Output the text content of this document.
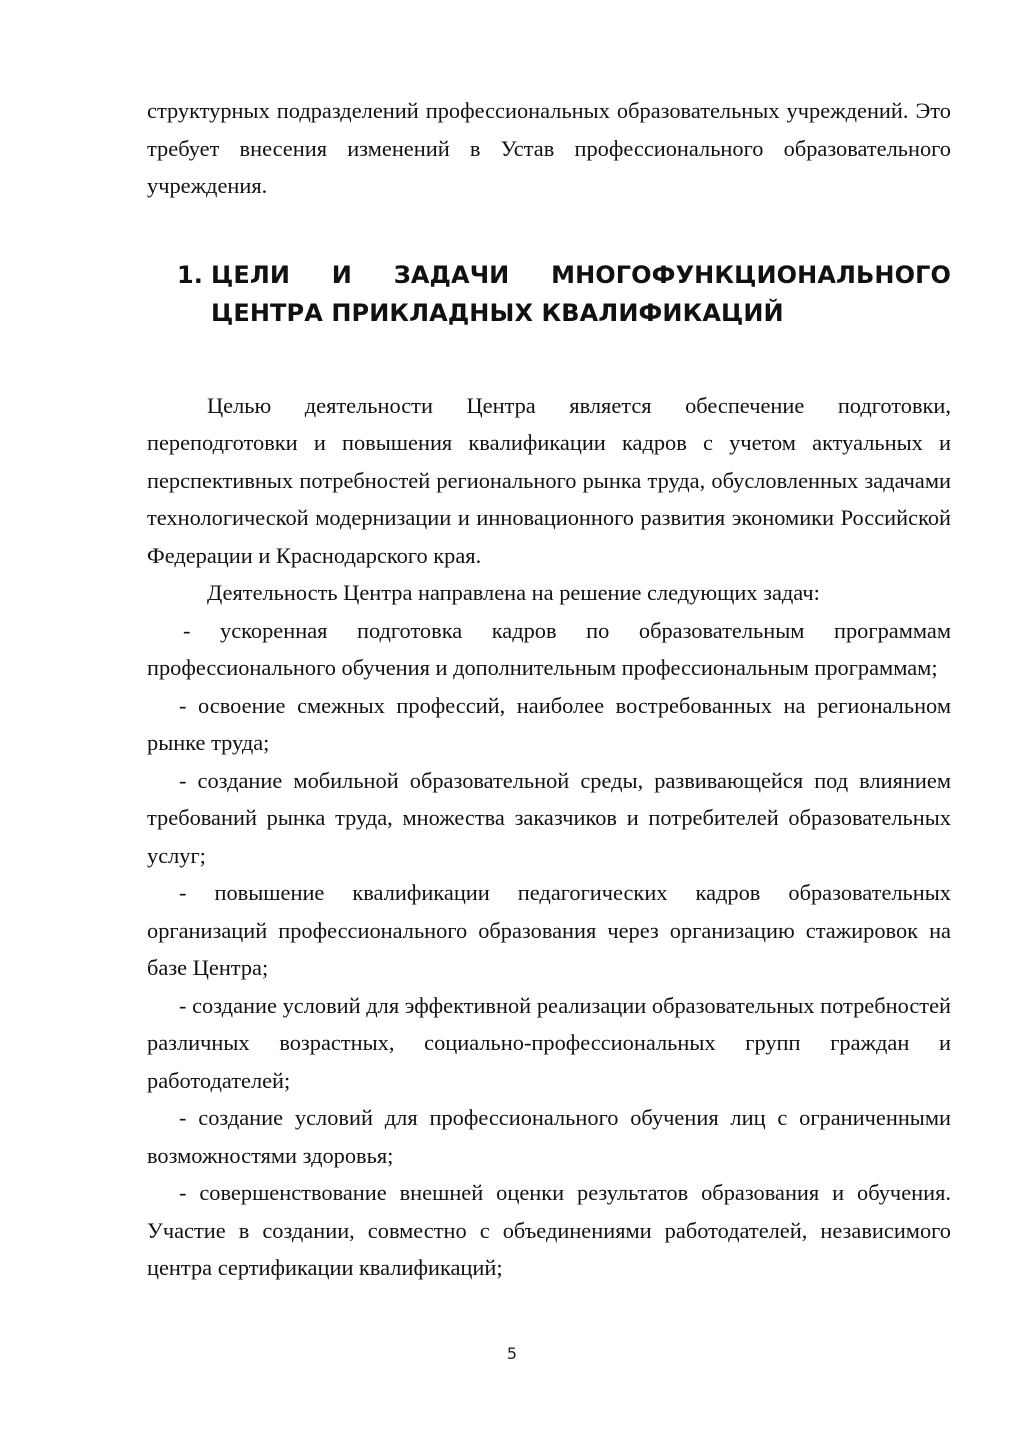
структурных подразделений профессиональных образовательных учреждений. Это требует внесения изменений в Устав профессионального образовательного учреждения.

1. ЦЕЛИ И ЗАДАЧИ МНОГОФУНКЦИОНАЛЬНОГО ЦЕНТРА ПРИКЛАДНЫХ КВАЛИФИКАЦИЙ

Целью деятельности Центра является обеспечение подготовки, переподготовки и повышения квалификации кадров с учетом актуальных и перспективных потребностей регионального рынка труда, обусловленных задачами технологической модернизации и инновационного развития экономики Российской Федерации и Краснодарского края.

Деятельность Центра направлена на решение следующих задач:

- ускоренная подготовка кадров по образовательным программам профессионального обучения и дополнительным профессиональным программам;

- освоение смежных профессий, наиболее востребованных на региональном рынке труда;

- создание мобильной образовательной среды, развивающейся под влиянием требований рынка труда, множества заказчиков и потребителей образовательных услуг;

- повышение квалификации педагогических кадров образовательных организаций профессионального образования через организацию стажировок на базе Центра;

- создание условий для эффективной реализации образовательных потребностей различных возрастных, социально-профессиональных групп граждан и работодателей;

- создание условий для профессионального обучения лиц с ограниченными возможностями здоровья;

- совершенствование внешней оценки результатов образования и обучения. Участие в создании, совместно с объединениями работодателей, независимого центра сертификации квалификаций;

5
